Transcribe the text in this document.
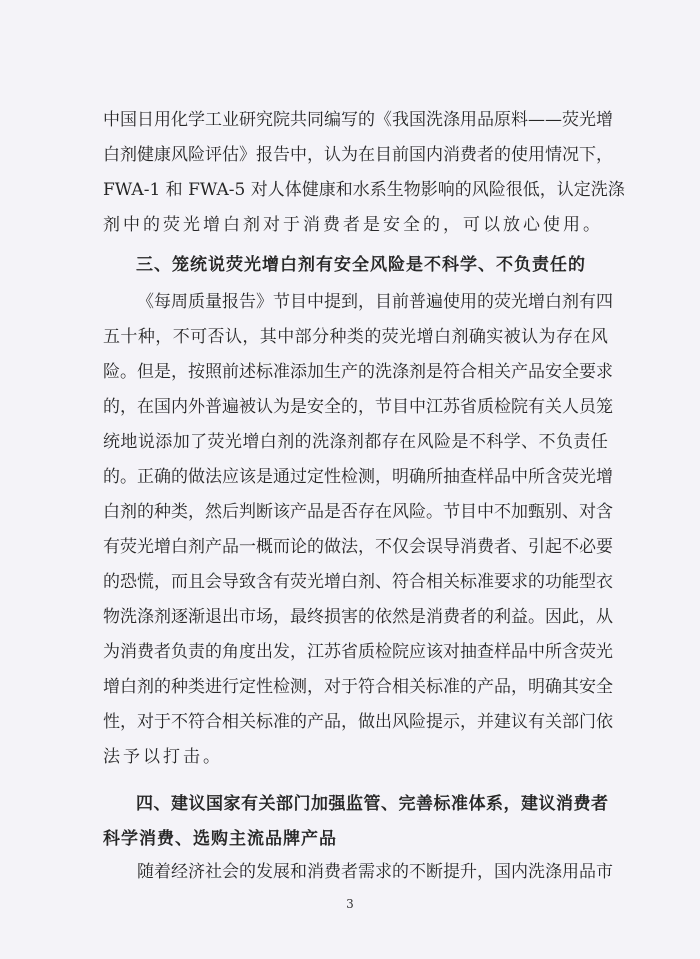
中 国 日 用 化 学 工 业 研 究 院 共 同 编 写 的 《 我 国 洗 涤 用 品 原 料 — — 荧 光 增
白 剂 健 康 风 险 评 估 》 报 告 中 ， 认 为 在 目 前 国 内 消 费 者 的 使 用 情 况 下 ，
FWA-1
和
FWA-5
对 人 体 健 康 和 水 系 生 物 影 响 的 风 险 很 低 ， 认 定 洗 涤
剂中的荧光增白剂对于消费者是安全的，可以放心使用。
三、笼统说荧光增白剂有安全风险是不科学、不负责任的
《 每 周 质 量 报 告 》 节 目 中 提 到 ， 目 前 普 遍 使 用 的 荧 光 增 白 剂 有 四
五 十 种 ， 不 可 否 认 ， 其 中 部 分 种 类 的 荧 光 增 白 剂 确 实 被 认 为 存 在 风
险 。 但 是 ， 按 照 前 述 标 准 添 加 生 产 的 洗 涤 剂 是 符 合 相 关 产 品 安 全 要 求
的 ， 在 国 内 外 普 遍 被 认 为 是 安 全 的 ， 节 目 中 江 苏 省 质 检 院 有 关 人 员 笼
统 地 说 添 加 了 荧 光 增 白 剂 的 洗 涤 剂 都 存 在 风 险 是 不 科 学 、 不 负 责 任
的 。 正 确 的 做 法 应 该 是 通 过 定 性 检 测 ， 明 确 所 抽 查 样 品 中 所 含 荧 光 增
白 剂 的 种 类 ， 然 后 判 断 该 产 品 是 否 存 在 风 险 。 节 目 中 不 加 甄 别 、 对 含
有 荧 光 增 白 剂 产 品 一 概 而 论 的 做 法 ， 不 仅 会 误 导 消 费 者 、 引 起 不 必 要
的 恐 慌 ， 而 且 会 导 致 含 有 荧 光 增 白 剂 、 符 合 相 关 标 准 要 求 的 功 能 型 衣
物 洗 涤 剂 逐 渐 退 出 市 场 ， 最 终 损 害 的 依 然 是 消 费 者 的 利 益 。 因 此 ， 从
为 消 费 者 负 责 的 角 度 出 发 ， 江 苏 省 质 检 院 应 该 对 抽 查 样 品 中 所 含 荧 光
增 白 剂 的 种 类 进 行 定 性 检 测 ， 对 于 符 合 相 关 标 准 的 产 品 ， 明 确 其 安 全
性 ， 对 于 不 符 合 相 关 标 准 的 产 品 ， 做 出 风 险 提 示 ， 并 建 议 有 关 部 门 依
法予以打击。
四 、 建 议 国 家 有 关 部 门 加 强 监 管 、 完 善 标 准 体 系 ， 建 议 消 费 者
科学消费、选购主流品牌产品
随 着 经 济 社 会 的 发 展 和 消 费 者 需 求 的 不 断 提 升 ， 国 内 洗 涤 用 品 市
3
